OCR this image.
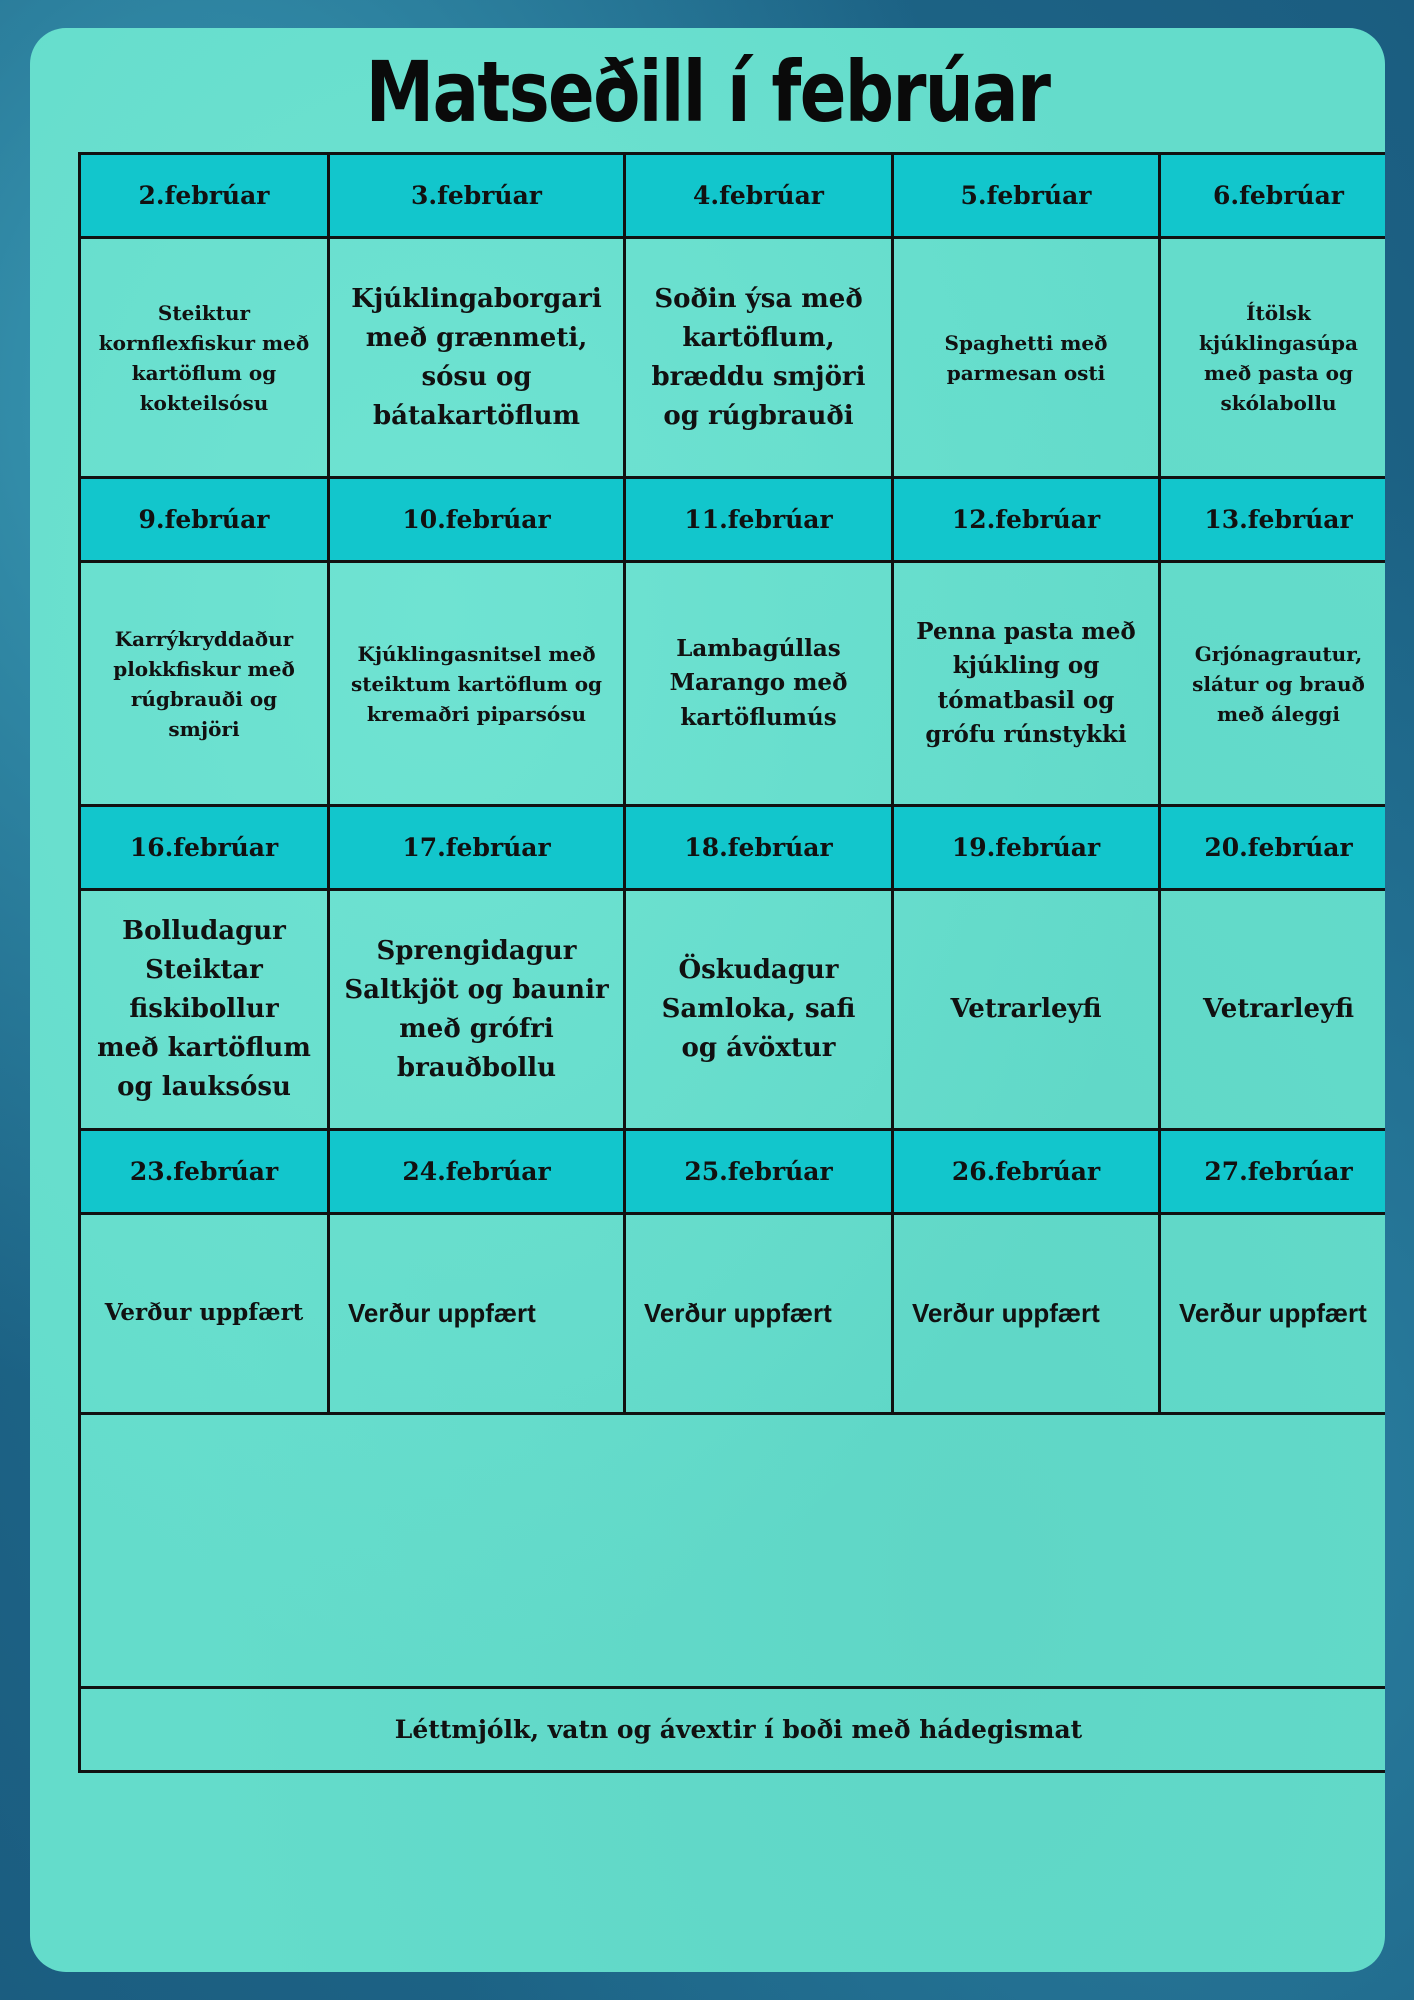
Matseðill í febrúar
2.febrúar	3.febrúar	4.febrúar	5.febrúar	6.febrúar
Steiktur kornflexfiskur með kartöflum og kokteilsósu	Kjúklingaborgari með grænmeti, sósu og bátakartöflum	Soðin ýsa með kartöflum, bræddu smjöri og rúgbrauði	Spaghetti með parmesan osti	Ítölsk kjúklingasúpa með pasta og skólabollu
9.febrúar	10.febrúar	11.febrúar	12.febrúar	13.febrúar
Karrýkryddaður plokkfiskur með rúgbrauði og smjöri	Kjúklingasnitsel með steiktum kartöflum og kremaðri piparsósu	Lambagúllas Marango með kartöflumús	Penna pasta með kjúkling og tómatbasil og grófu rúnstykki	Grjónagrautur, slátur og brauð með áleggi
16.febrúar	17.febrúar	18.febrúar	19.febrúar	20.febrúar
Bolludagur Steiktar fiskibollur með kartöflum og lauksósu	Sprengidagur Saltkjöt og baunir með grófri brauðbollu	Öskudagur Samloka, safi og ávöxtur	Vetrarleyfi	Vetrarleyfi
23.febrúar	24.febrúar	25.febrúar	26.febrúar	27.febrúar
Verður uppfært	Verður uppfært	Verður uppfært	Verður uppfært	Verður uppfært

Léttmjólk, vatn og ávextir í boði með hádegismat				
